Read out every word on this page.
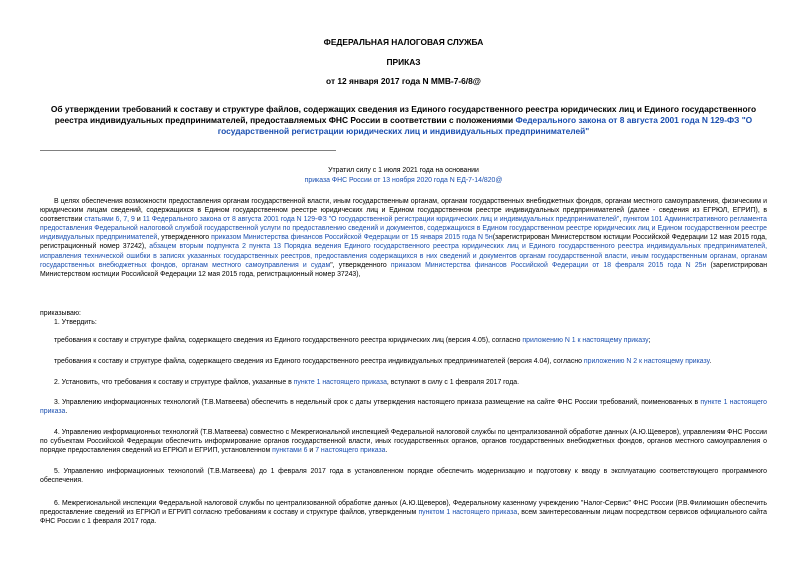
ФЕДЕРАЛЬНАЯ НАЛОГОВАЯ СЛУЖБА
ПРИКАЗ
от 12 января 2017 года N ММВ-7-6/8@
Об утверждении требований к составу и структуре файлов, содержащих сведения из Единого государственного реестра юридических лиц и Единого государственного реестра индивидуальных предпринимателей, предоставляемых ФНС России в соответствии с положениями Федерального закона от 8 августа 2001 года N 129-ФЗ "О государственной регистрации юридических лиц и индивидуальных предпринимателей"
Утратил силу с 1 июля 2021 года на основании
приказа ФНС России от 13 ноября 2020 года N ЕД-7-14/820@
В целях обеспечения возможности предоставления органам государственной власти, иным государственным органам, органам государственных внебюджетных фондов, органам местного самоуправления, физическим и юридическим лицам сведений, содержащихся в Едином государственном реестре юридических лиц и Едином государственном реестре индивидуальных предпринимателей (далее - сведения из ЕГРЮЛ, ЕГРИП), в соответствии статьями 6, 7, 9 и 11 Федерального закона от 8 августа 2001 года N 129-ФЗ "О государственной регистрации юридических лиц и индивидуальных предпринимателей", пунктом 101 Административного регламента предоставления Федеральной налоговой службой государственной услуги по предоставлению сведений и документов, содержащихся в Едином государственном реестре юридических лиц и Едином государственном реестре индивидуальных предпринимателей, утвержденного приказом Министерства финансов Российской Федерации от 15 января 2015 года N 5н(зарегистрирован Министерством юстиции Российской Федерации 12 мая 2015 года, регистрационный номер 37242), абзацем вторым подпункта 2 пункта 13 Порядка ведения Единого государственного реестра юридических лиц и Единого государственного реестра индивидуальных предпринимателей, исправления технической ошибки в записях указанных государственных реестров, предоставления содержащихся в них сведений и документов органам государственной власти, иным государственным органам, органам государственных внебюджетных фондов, органам местного самоуправления и судам", утвержденного приказом Министерства финансов Российской Федерации от 18 февраля 2015 года N 25н (зарегистрирован Министерством юстиции Российской Федерации 12 мая 2015 года, регистрационный номер 37243),
приказываю:
1. Утвердить:
требования к составу и структуре файла, содержащего сведения из Единого государственного реестра юридических лиц (версия 4.05), согласно приложению N 1 к настоящему приказу;
требования к составу и структуре файла, содержащего сведения из Единого государственного реестра индивидуальных предпринимателей (версия 4.04), согласно приложению N 2 к настоящему приказу.
2. Установить, что требования к составу и структуре файлов, указанные в пункте 1 настоящего приказа, вступают в силу с 1 февраля 2017 года.
3. Управлению информационных технологий (Т.В.Матвеева) обеспечить в недельный срок с даты утверждения настоящего приказа размещение на сайте ФНС России требований, поименованных в пункте 1 настоящего приказа.
4. Управлению информационных технологий (Т.В.Матвеева) совместно с Межрегиональной инспекцией Федеральной налоговой службы по централизованной обработке данных (А.Ю.Щеверов), управлениям ФНС России по субъектам Российской Федерации обеспечить информирование органов государственной власти, иных государственных органов, органов государственных внебюджетных фондов, органов местного самоуправления о порядке предоставления сведений из ЕГРЮЛ и ЕГРИП, установленном пунктами 6 и 7 настоящего приказа.
5. Управлению информационных технологий (Т.В.Матвеева) до 1 февраля 2017 года в установленном порядке обеспечить модернизацию и подготовку к вводу в эксплуатацию соответствующего программного обеспечения.
6. Межрегиональной инспекции Федеральной налоговой службы по централизованной обработке данных (А.Ю.Щеверов), Федеральному казенному учреждению "Налог-Сервис" ФНС России (Р.В.Филимошин обеспечить предоставление сведений из ЕГРЮЛ и ЕГРИП согласно требованиям к составу и структуре файлов, утвержденным пунктом 1 настоящего приказа, всем заинтересованным лицам посредством сервисов официального сайта ФНС России с 1 февраля 2017 года.
